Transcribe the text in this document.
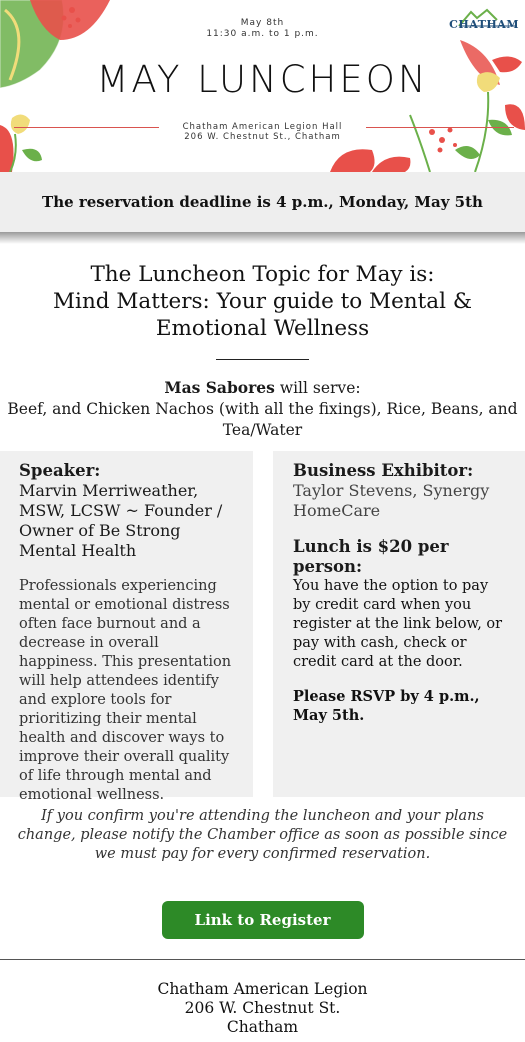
May 8th
11:30 a.m. to 1 p.m.
MAY LUNCHEON
Chatham American Legion Hall
206 W. Chestnut St., Chatham
CHATHAM
The reservation deadline is 4 p.m., Monday, May 5th
The Luncheon Topic for May is:
Mind Matters: Your guide to Mental & Emotional Wellness
Mas Sabores will serve:
Beef, and Chicken Nachos (with all the fixings), Rice, Beans, and Tea/Water
Speaker:
Marvin Merriweather, MSW, LCSW ~ Founder / Owner of Be Strong Mental Health
Professionals experiencing mental or emotional distress often face burnout and a decrease in overall happiness. This presentation will help attendees identify and explore tools for prioritizing their mental health and discover ways to improve their overall quality of life through mental and emotional wellness.
Business Exhibitor:
Taylor Stevens, Synergy HomeCare
Lunch is $20 per person:
You have the option to pay by credit card when you register at the link below, or pay with cash, check or credit card at the door.
Please RSVP by 4 p.m., May 5th.
If you confirm you're attending the luncheon and your plans change, please notify the Chamber office as soon as possible since we must pay for every confirmed reservation.
Link to Register
Chatham American Legion
206 W. Chestnut St.
Chatham
